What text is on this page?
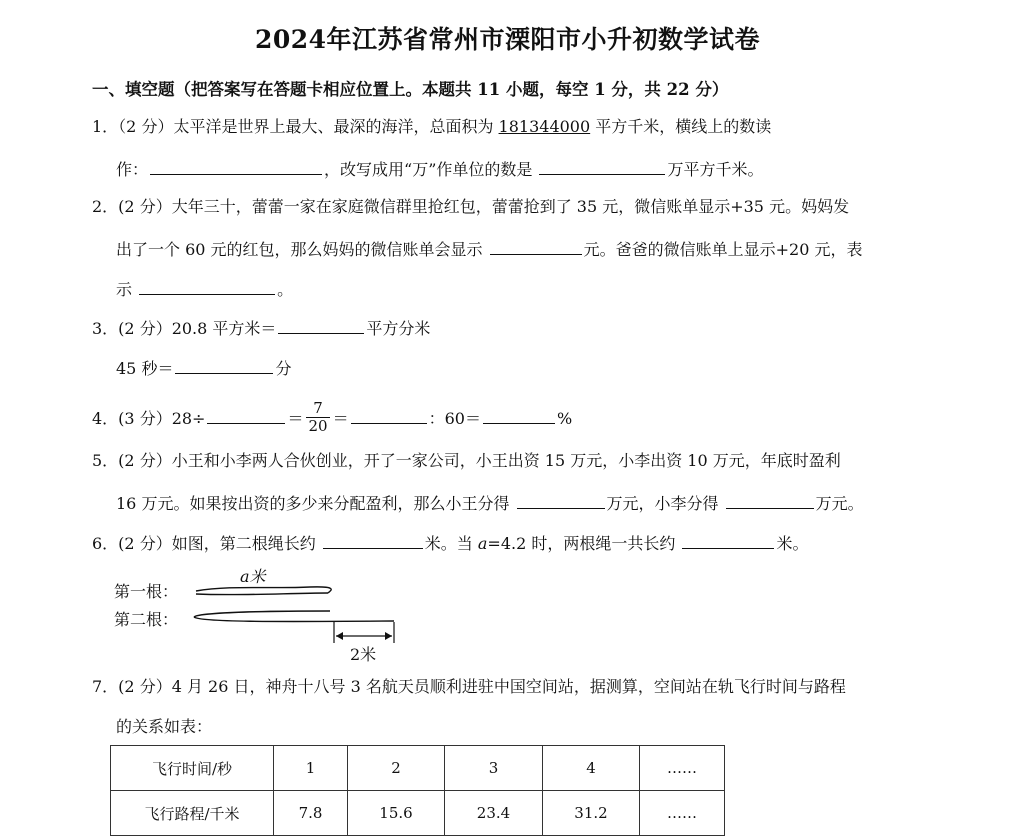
2024年江苏省常州市溧阳市小升初数学试卷
一、填空题（把答案写在答题卡相应位置上。本题共 11 小题，每空 1 分，共 22 分）
1．（2 分）太平洋是世界上最大、最深的海洋，总面积为 181344000 平方千米，横线上的数读
作：	，改写成用“万”作单位的数是	万平方千米。
2．(2 分）大年三十，蕾蕾一家在家庭微信群里抢红包，蕾蕾抢到了 35 元，微信账单显示+35 元。妈妈发
出了一个 60 元的红包，那么妈妈的微信账单会显示	元。爸爸的微信账单上显示+20 元，表
示	。
3．(2 分）20.8 平方米＝	平方分米
45 秒＝	分
4．(3 分）28÷	＝ $\frac{7}{20}$ ＝	：60＝	%
5．(2 分）小王和小李两人合伙创业，开了一家公司，小王出资 15 万元，小李出资 10 万元，年底时盈利
16 万元。如果按出资的多少来分配盈利，那么小王分得	万元，小李分得	万元。
6．(2 分）如图，第二根绳长约	米。当 a=4.2 时，两根绳一共长约	米。
第一根：
第二根：
a米
2米
7．(2 分）4 月 26 日，神舟十八号 3 名航天员顺利进驻中国空间站，据测算，空间站在轨飞行时间与路程
的关系如表：
飞行时间/秒	1	2	3	4	……
飞行路程/千米	7.8	15.6	23.4	31.2	……
